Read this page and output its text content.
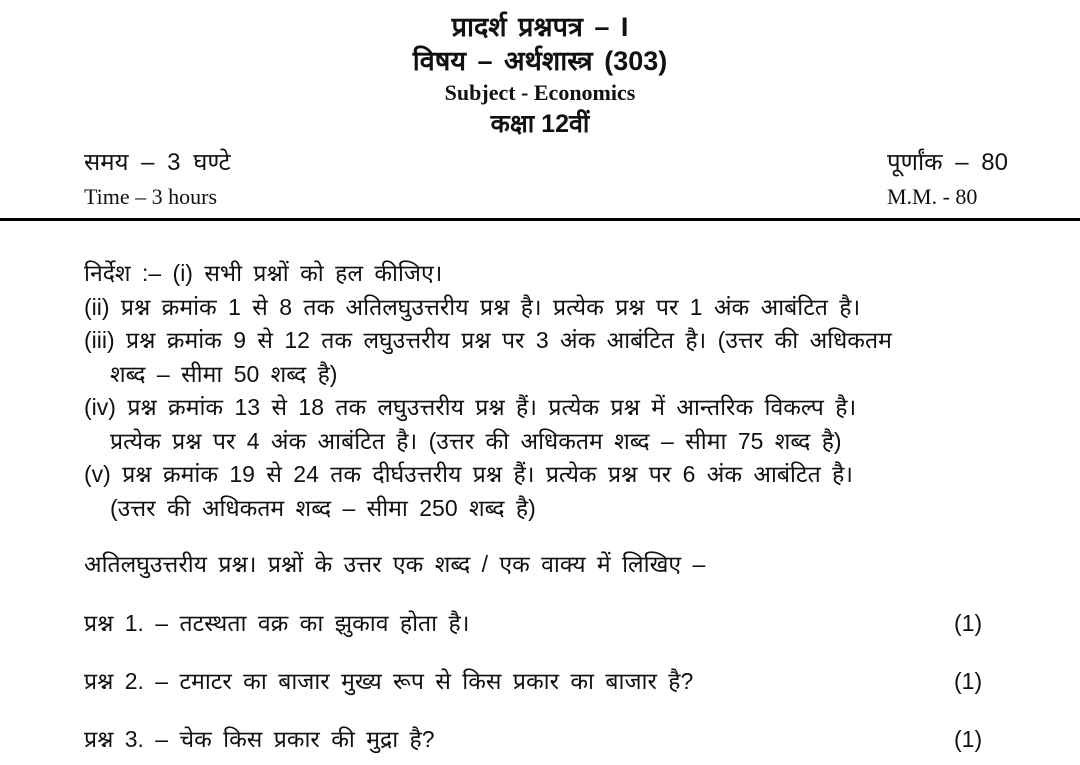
प्रादर्श प्रश्नपत्र – I
विषय – अर्थशास्त्र (303)
Subject - Economics
कक्षा 12वीं
समय – 3 घण्टे
Time – 3 hours
पूर्णांक – 80
M.M. - 80
निर्देश :– (i) सभी प्रश्नों को हल कीजिए।
(ii) प्रश्न क्रमांक 1 से 8 तक अतिलघुउत्तरीय प्रश्न है। प्रत्येक प्रश्न पर 1 अंक आबंटित है।
(iii) प्रश्न क्रमांक 9 से 12 तक लघुउत्तरीय प्रश्न पर 3 अंक आबंटित है। (उत्तर की अधिकतम
शब्द – सीमा 50 शब्द है)
(iv) प्रश्न क्रमांक 13 से 18 तक लघुउत्तरीय प्रश्न हैं। प्रत्येक प्रश्न में आन्तरिक विकल्प है।
प्रत्येक प्रश्न पर 4 अंक आबंटित है। (उत्तर की अधिकतम शब्द – सीमा 75 शब्द है)
(v) प्रश्न क्रमांक 19 से 24 तक दीर्घउत्तरीय प्रश्न हैं। प्रत्येक प्रश्न पर 6 अंक आबंटित है।
(उत्तर की अधिकतम शब्द – सीमा 250 शब्द है)
अतिलघुउत्तरीय प्रश्न। प्रश्नों के उत्तर एक शब्द / एक वाक्य में लिखिए –
प्रश्न 1. – तटस्थता वक्र का झुकाव होता है।	(1)
प्रश्न 2. – टमाटर का बाजार मुख्य रूप से किस प्रकार का बाजार है?	(1)
प्रश्न 3. – चेक किस प्रकार की मुद्रा है?	(1)
